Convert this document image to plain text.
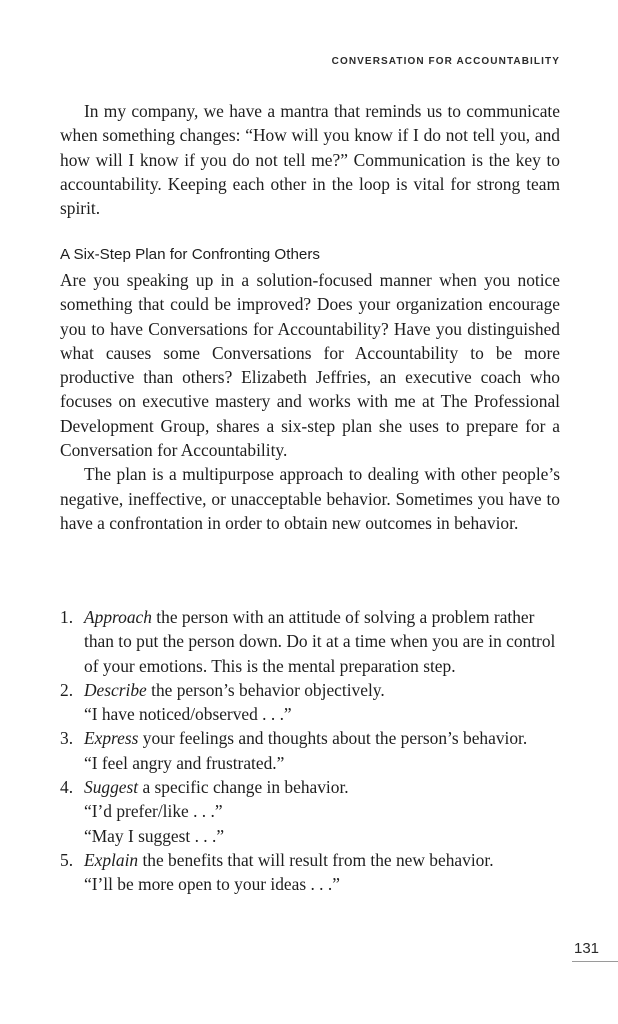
CONVERSATION FOR ACCOUNTABILITY

In my company, we have a mantra that reminds us to communicate when something changes: “How will you know if I do not tell you, and how will I know if you do not tell me?” Communication is the key to accountability. Keeping each other in the loop is vital for strong team spirit.

A Six-Step Plan for Confronting Others

Are you speaking up in a solution-focused manner when you notice something that could be improved? Does your organization encourage you to have Conversations for Accountability? Have you distinguished what causes some Conversations for Accountability to be more productive than others? Elizabeth Jeffries, an executive coach who focuses on executive mastery and works with me at The Professional Development Group, shares a six-step plan she uses to prepare for a Conversation for Accountability.

The plan is a multipurpose approach to dealing with other people’s negative, ineffective, or unacceptable behavior. Sometimes you have to have a confrontation in order to obtain new outcomes in behavior.

1. Approach the person with an attitude of solving a problem rather than to put the person down. Do it at a time when you are in control of your emotions. This is the mental preparation step.
2. Describe the person’s behavior objectively.
“I have noticed/observed . . .”
3. Express your feelings and thoughts about the person’s behavior.
“I feel angry and frustrated.”
4. Suggest a specific change in behavior.
“I’d prefer/like . . .”
“May I suggest . . .”
5. Explain the benefits that will result from the new behavior.
“I’ll be more open to your ideas . . .”
131
